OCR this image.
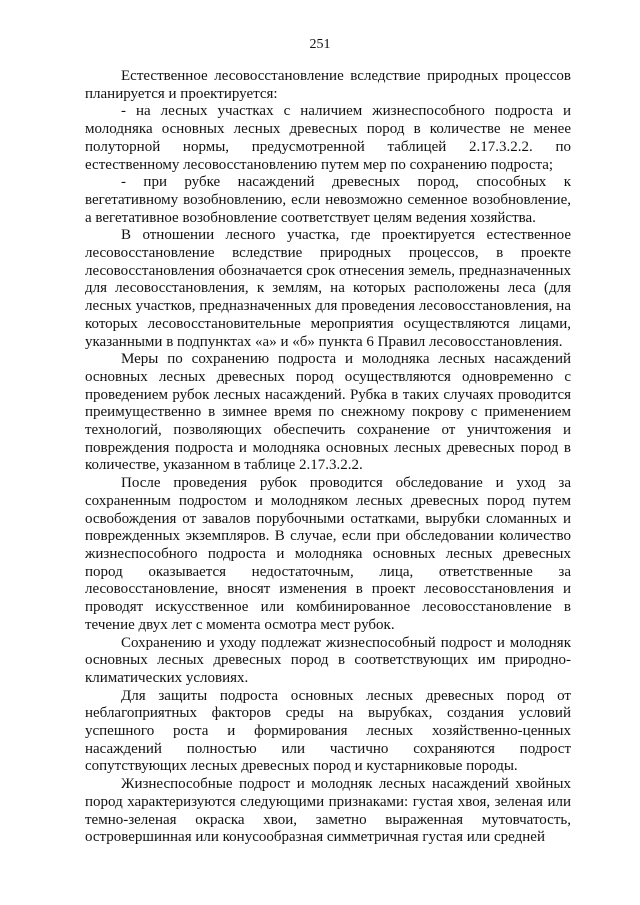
251

Естественное лесовосстановление вследствие природных процессов планируется и проектируется:

- на лесных участках с наличием жизнеспособного подроста и молодняка основных лесных древесных пород в количестве не менее полуторной нормы, предусмотренной таблицей 2.17.3.2.2. по естественному лесовосстановлению путем мер по сохранению подроста;

- при рубке насаждений древесных пород, способных к вегетативному возобновлению, если невозможно семенное возобновление, а вегетативное возобновление соответствует целям ведения хозяйства.

В отношении лесного участка, где проектируется естественное лесовосстановление вследствие природных процессов, в проекте лесовосстановления обозначается срок отнесения земель, предназначенных для лесовосстановления, к землям, на которых расположены леса (для лесных участков, предназначенных для проведения лесовосстановления, на которых лесовосстановительные мероприятия осуществляются лицами, указанными в подпунктах «а» и «б» пункта 6 Правил лесовосстановления.

Меры по сохранению подроста и молодняка лесных насаждений основных лесных древесных пород осуществляются одновременно с проведением рубок лесных насаждений. Рубка в таких случаях проводится преимущественно в зимнее время по снежному покрову с применением технологий, позволяющих обеспечить сохранение от уничтожения и повреждения подроста и молодняка основных лесных древесных пород в количестве, указанном в таблице 2.17.3.2.2.

После проведения рубок проводится обследование и уход за сохраненным подростом и молодняком лесных древесных пород путем освобождения от завалов порубочными остатками, вырубки сломанных и поврежденных экземпляров. В случае, если при обследовании количество жизнеспособного подроста и молодняка основных лесных древесных пород оказывается недостаточным, лица, ответственные за лесовосстановление, вносят изменения в проект лесовосстановления и проводят искусственное или комбинированное лесовосстановление в течение двух лет с момента осмотра мест рубок.

Сохранению и уходу подлежат жизнеспособный подрост и молодняк основных лесных древесных пород в соответствующих им природно-климатических условиях.

Для защиты подроста основных лесных древесных пород от неблагоприятных факторов среды на вырубках, создания условий успешного роста и формирования лесных хозяйственно-ценных насаждений полностью или частично сохраняются подрост сопутствующих лесных древесных пород и кустарниковые породы.

Жизнеспособные подрост и молодняк лесных насаждений хвойных пород характеризуются следующими признаками: густая хвоя, зеленая или темно-зеленая окраска хвои, заметно выраженная мутовчатость, островершинная или конусообразная симметричная густая или средней
